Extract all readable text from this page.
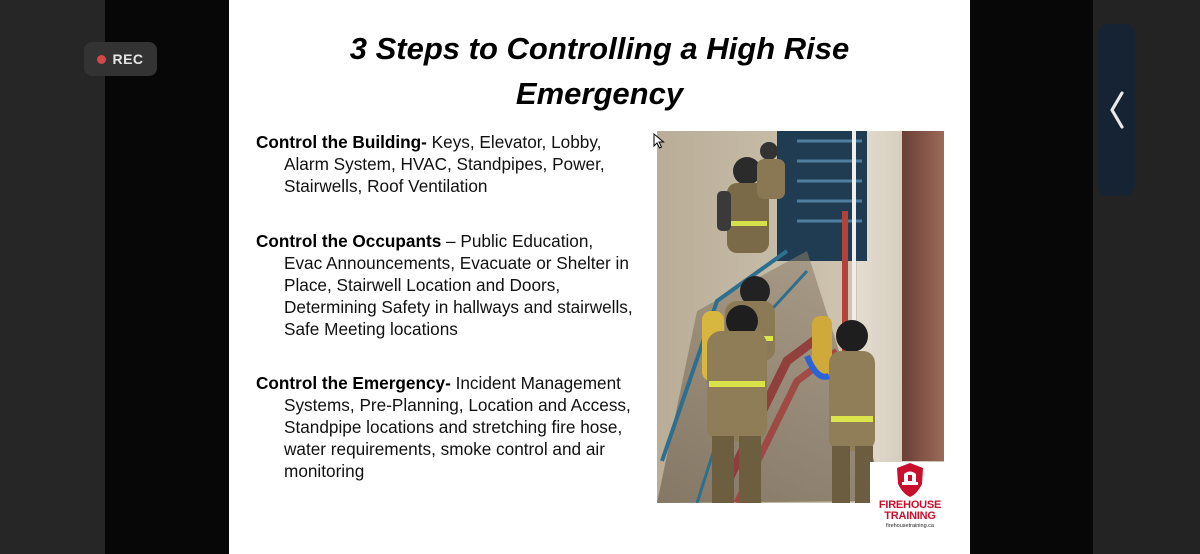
REC	3 Steps to Controlling a High Rise
Emergency

Control the Building- Keys, Elevator, Lobby, Alarm System, HVAC, Standpipes, Power, Stairwells, Roof Ventilation

Control the Occupants – Public Education, Evac Announcements, Evacuate or Shelter in Place, Stairwell Location and Doors, Determining Safety in hallways and stairwells, Safe Meeting locations

Control the Emergency- Incident Management Systems, Pre-Planning, Location and Access, Standpipe locations and stretching fire hose, water requirements, smoke control and air monitoring

FIREHOUSE
TRAINING
firehousetraining.ca
